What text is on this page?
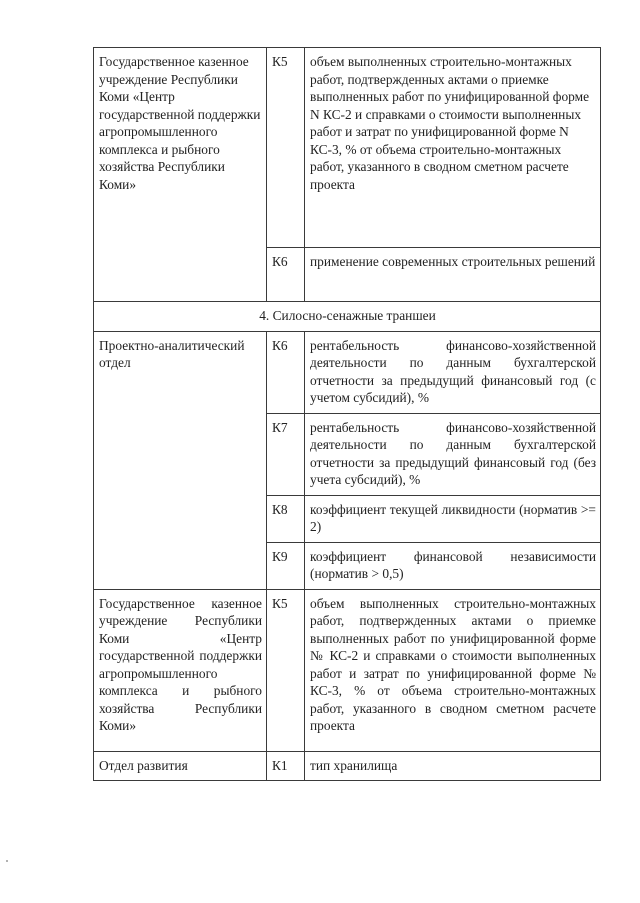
Государственное казенное учреждение Республики Коми «Центр государственной поддержки агропромышленного комплекса и рыбного хозяйства Республики Коми»	К5	объем выполненных строительно-монтажных работ, подтвержденных актами о приемке выполненных работ по унифицированной форме N КС-2 и справками о стоимости выполненных работ и затрат по унифицированной форме N КС-3, % от объема строительно-монтажных работ, указанного в сводном сметном расчете проекта
	К6	применение современных строительных решений
4. Силосно-сенажные траншеи		
Проектно-аналитический отдел	К6	рентабельность финансово-хозяйственной деятельности по данным бухгалтерской отчетности за предыдущий финансовый год (с учетом субсидий), %
	К7	рентабельность финансово-хозяйственной деятельности по данным бухгалтерской отчетности за предыдущий финансовый год (без учета субсидий), %
	К8	коэффициент текущей ликвидности (норматив >= 2)
	К9	коэффициент финансовой независимости (норматив > 0,5)
Государственное казенное учреждение Республики Коми «Центр государственной поддержки агропромышленного комплекса и рыбного хозяйства Республики Коми»	К5	объем выполненных строительно-монтажных работ, подтвержденных актами о приемке выполненных работ по унифицированной форме № КС-2 и справками о стоимости выполненных работ и затрат по унифицированной форме № КС-3, % от объема строительно-монтажных работ, указанного в сводном сметном расчете проекта
Отдел развития	К1	тип хранилища
